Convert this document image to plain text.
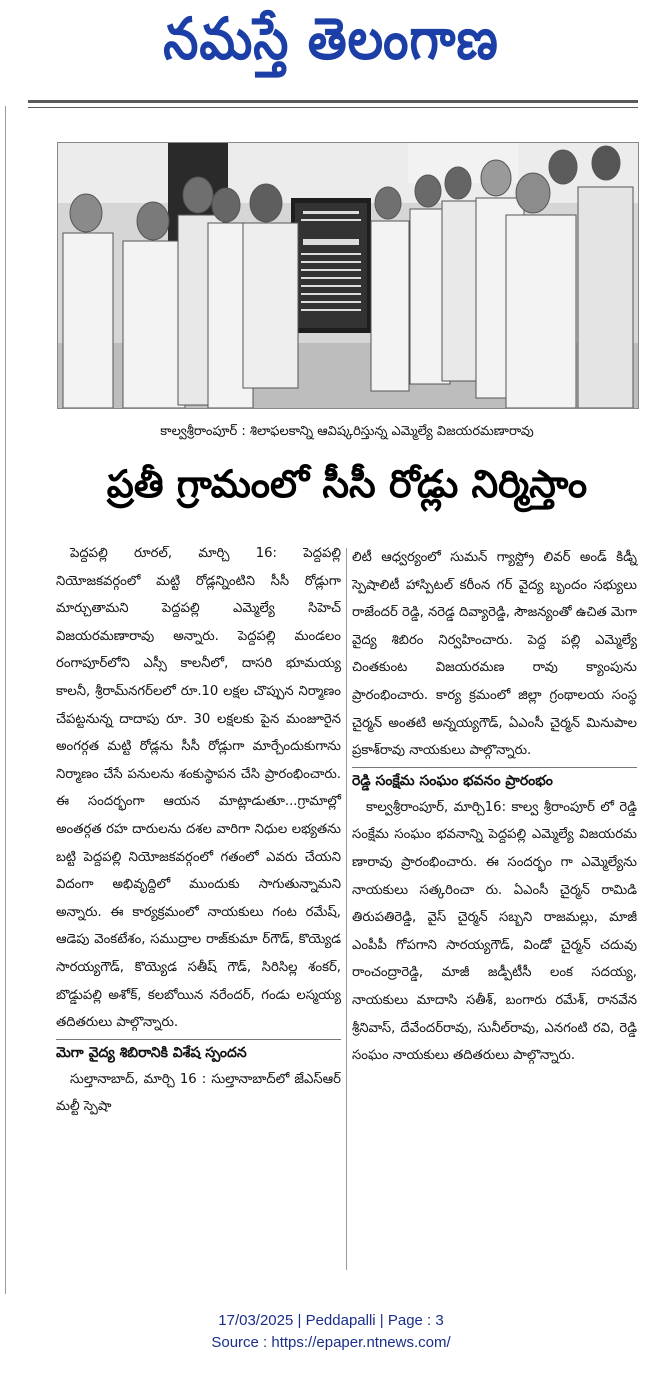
నమస్తే తెలంగాణ
కాల్వశ్రీరాంపూర్ : శిలాఫలకాన్ని ఆవిష్కరిస్తున్న ఎమ్మెల్యే విజయరమణారావు
ప్రతీ గ్రామంలో సీసీ రోడ్లు నిర్మిస్తాం

పెద్దపల్లి రూరల్, మార్చి 16: పెద్దపల్లి నియోజకవర్గంలో మట్టి రోడ్లన్నింటిని సీసీ రోడ్లుగా మార్చుతామని పెద్దపల్లి ఎమ్మెల్యే సిహెచ్ విజయరమణారావు అన్నారు. పెద్దపల్లి మండలం రంగాపూర్‌లోని ఎస్సీ కాలనీలో, దాసరి భూమయ్య కాలనీ, శ్రీరామ్‌నగర్‌లలో రూ.10 లక్షల చొప్పున నిర్మాణం చేపట్టనున్న దాదాపు రూ. 30 లక్షలకు పైన మంజూరైన అంగర్గత మట్టి రోడ్లను సీసీ రోడ్లుగా మార్చేందుకుగాను నిర్మాణం చేసే పనులను శంకుస్థాపన చేసి ప్రారంభించారు. ఈ సందర్భంగా ఆయన మాట్లాడుతూ...గ్రామాల్లో అంతర్గత రహ దారులను దశల వారిగా నిధుల లభ్యతను బట్టి పెద్దపల్లి నియోజకవర్గంలో గతంలో ఎవరు చేయని విదంగా అభివృద్దిలో ముందుకు సాగుతున్నామని అన్నారు. ఈ కార్యక్రమంలో నాయకులు గంట రమేష్, ఆడెపు వెంకటేశం, సముద్రాల రాజ్‌కుమా ర్‌గౌడ్, కొయ్యెడ సారయ్యగౌడ్, కొయ్యెడ సతీష్ గౌడ్, సిరిసిల్ల శంకర్, బొడ్డుపల్లి అశోక్, కలబోయిన నరేందర్, గండు లస్మయ్య తదితరులు పాల్గొన్నారు.

మెగా వైద్య శిబిరానికి విశేష స్పందన

సుల్తానాబాద్, మార్చి 16 : సుల్తానాబాద్‌లో జేఎస్ఆర్ మల్టీ స్పెషా

లిటీ ఆధ్వర్యంలో సుమన్ గ్యాస్ట్రో లివర్ అండ్ కిడ్నీ స్పెషాలిటీ హాస్పిటల్ కరీంన గర్ వైద్య బృందం సభ్యులు రాజేందర్ రెడ్డి, నరెడ్డ దివ్యారెడ్డి, సౌజన్యంతో ఉచిత మెగా వైద్య శిబిరం నిర్వహించారు. పెద్ద పల్లి ఎమ్మెల్యే చింతకుంట విజయరమణ రావు క్యాంపును ప్రారంభించారు. కార్య క్రమంలో జిల్లా గ్రంథాలయ సంస్థ చైర్మన్ అంతటి అన్నయ్యగౌడ్, ఏఎంసీ చైర్మన్ మినుపాల ప్రకాశ్‌రావు నాయకులు పాల్గొన్నారు.

రెడ్డి సంక్షేమ సంఘం భవనం ప్రారంభం

కాల్వశ్రీరాంపూర్, మార్చి16: కాల్వ శ్రీరాంపూర్ లో రెడ్డి సంక్షేమ సంఘం భవనాన్ని పెద్దపల్లి ఎమ్మెల్యే విజయరమ ణారావు ప్రారంభించారు. ఈ సందర్భం గా ఎమ్మెల్యేను నాయకులు సత్కరించా రు. ఏఎంసీ చైర్మన్ రామిడి తిరుపతిరెడ్డి, వైస్ చైర్మన్ సబ్బని రాజమల్లు, మాజీ ఎంపీపీ గోపగాని సారయ్యగౌడ్, విండో చైర్మన్ చదువు రాంచంద్రారెడ్డి, మాజీ జడ్పీటీసీ లంక సదయ్య, నాయకులు మాదాసి సతీశ్, బంగారు రమేశ్, రానవేన శ్రీనివాస్, దేవేందర్‌రావు, సునీల్‌రావు, ఎనగంటి రవి, రెడ్డి సంఘం నాయకులు తదితరులు పాల్గొన్నారు.

17/03/2025 | Peddapalli | Page : 3
Source : https://epaper.ntnews.com/
